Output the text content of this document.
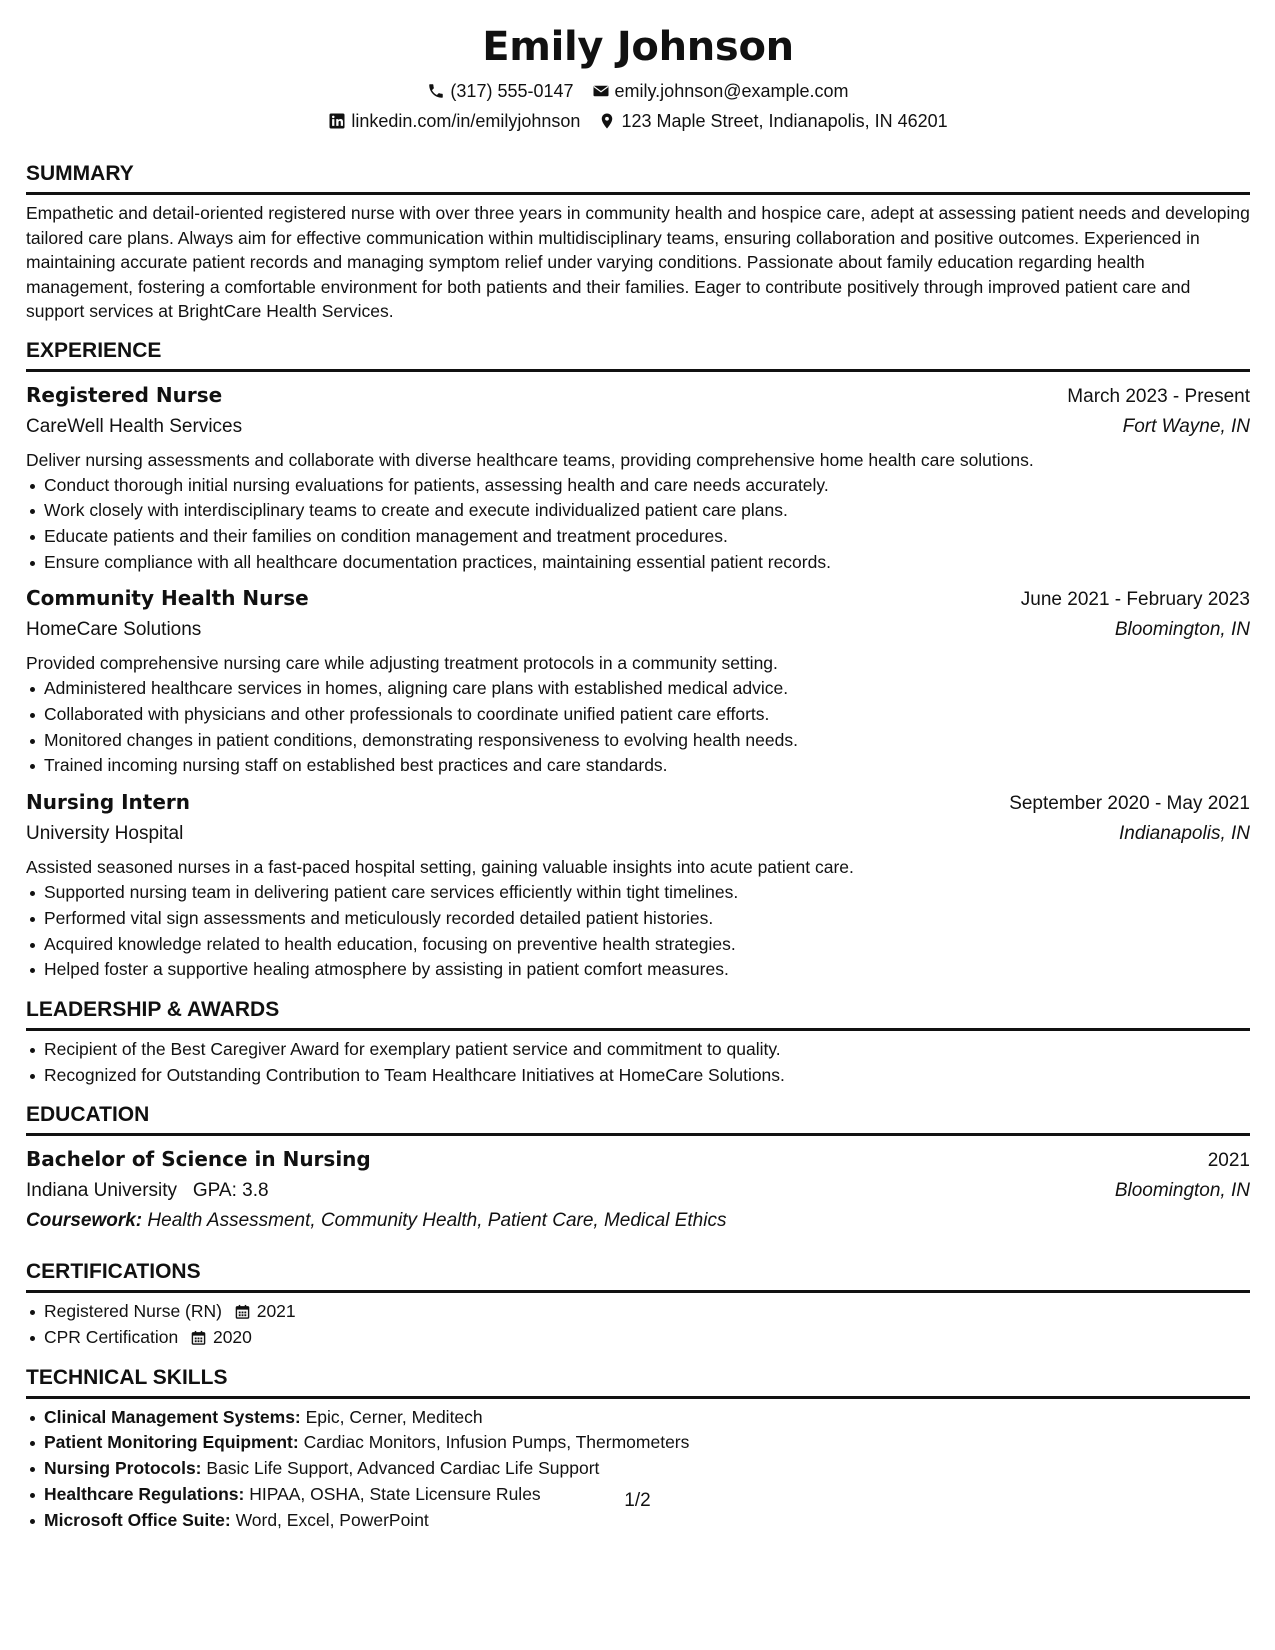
Emily Johnson
(317) 555-0147 emily.johnson@example.com
linkedin.com/in/emilyjohnson 123 Maple Street, Indianapolis, IN 46201
SUMMARY

Empathetic and detail-oriented registered nurse with over three years in community health and hospice care, adept at assessing patient needs and developing tailored care plans. Always aim for effective communication within multidisciplinary teams, ensuring collaboration and positive outcomes. Experienced in maintaining accurate patient records and managing symptom relief under varying conditions. Passionate about family education regarding health management, fostering a comfortable environment for both patients and their families. Eager to contribute positively through improved patient care and support services at BrightCare Health Services.

EXPERIENCE
Registered Nurse	March 2023 - Present
CareWell Health Services	Fort Wayne, IN
Deliver nursing assessments and collaborate with diverse healthcare teams, providing comprehensive home health care solutions.
Conduct thorough initial nursing evaluations for patients, assessing health and care needs accurately.
Work closely with interdisciplinary teams to create and execute individualized patient care plans.
Educate patients and their families on condition management and treatment procedures.
Ensure compliance with all healthcare documentation practices, maintaining essential patient records.
Community Health Nurse	June 2021 - February 2023
HomeCare Solutions	Bloomington, IN
Provided comprehensive nursing care while adjusting treatment protocols in a community setting.
Administered healthcare services in homes, aligning care plans with established medical advice.
Collaborated with physicians and other professionals to coordinate unified patient care efforts.
Monitored changes in patient conditions, demonstrating responsiveness to evolving health needs.
Trained incoming nursing staff on established best practices and care standards.
Nursing Intern	September 2020 - May 2021
University Hospital	Indianapolis, IN
Assisted seasoned nurses in a fast-paced hospital setting, gaining valuable insights into acute patient care.
Supported nursing team in delivering patient care services efficiently within tight timelines.
Performed vital sign assessments and meticulously recorded detailed patient histories.
Acquired knowledge related to health education, focusing on preventive health strategies.
Helped foster a supportive healing atmosphere by assisting in patient comfort measures.
LEADERSHIP & AWARDS
Recipient of the Best Caregiver Award for exemplary patient service and commitment to quality.
Recognized for Outstanding Contribution to Team Healthcare Initiatives at HomeCare Solutions.
EDUCATION
Bachelor of Science in Nursing	2021
Indiana University GPA: 3.8	Bloomington, IN
Coursework: Health Assessment, Community Health, Patient Care, Medical Ethics
CERTIFICATIONS
Registered Nurse (RN) 2021
CPR Certification 2020
TECHNICAL SKILLS
Clinical Management Systems: Epic, Cerner, Meditech
Patient Monitoring Equipment: Cardiac Monitors, Infusion Pumps, Thermometers
Nursing Protocols: Basic Life Support, Advanced Cardiac Life Support
Healthcare Regulations: HIPAA, OSHA, State Licensure Rules
Microsoft Office Suite: Word, Excel, PowerPoint
1/2
